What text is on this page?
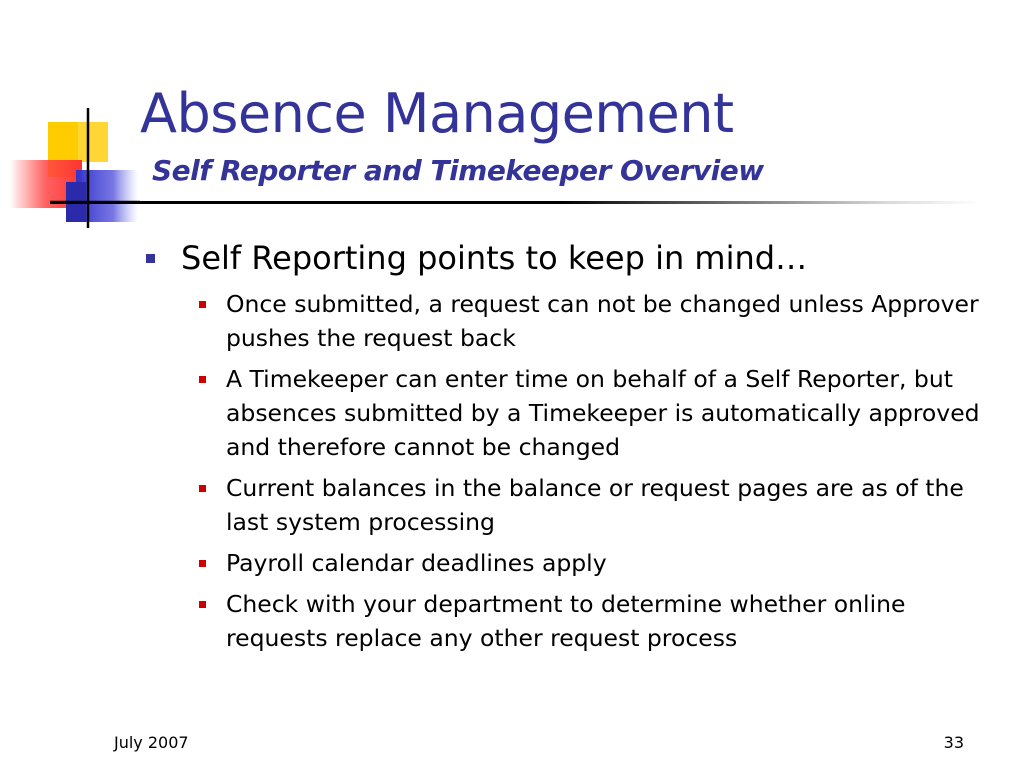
Absence Management
Self Reporter and Timekeeper Overview
Self Reporting points to keep in mind…
Once submitted, a request can not be changed unless Approver pushes the request back
A Timekeeper can enter time on behalf of a Self Reporter, but absences submitted by a Timekeeper is automatically approved and therefore cannot be changed
Current balances in the balance or request pages are as of the last system processing
Payroll calendar deadlines apply
Check with your department to determine whether online requests replace any other request process
July 2007	33
